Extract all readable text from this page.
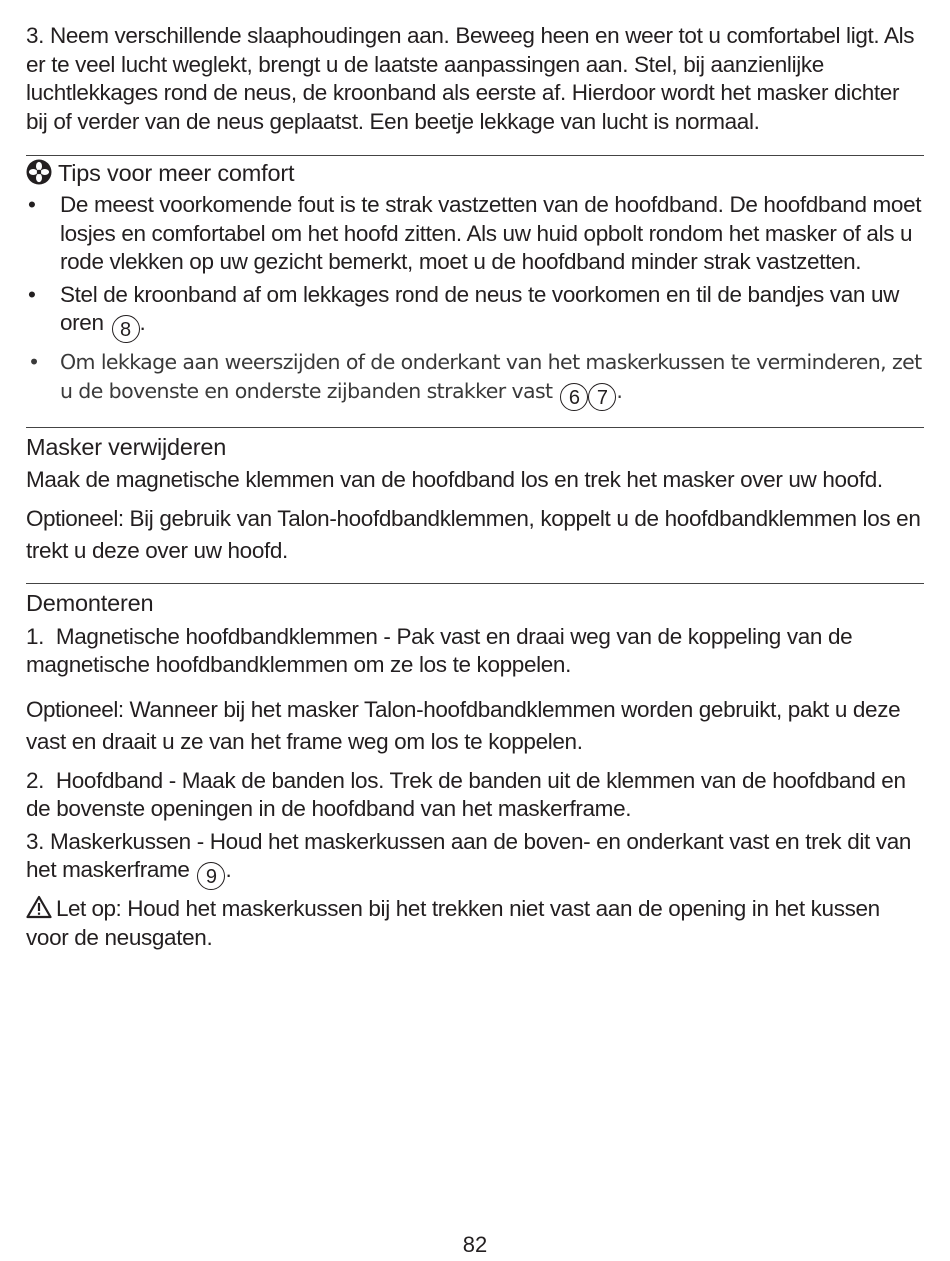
3. Neem verschillende slaaphoudingen aan. Beweeg heen en weer tot u comfortabel ligt. Als er te veel lucht weglekt, brengt u de laatste aanpassingen aan. Stel, bij aanzienlijke luchtlekkages rond de neus, de kroonband als eerste af. Hierdoor wordt het masker dichter bij of verder van de neus geplaatst. Een beetje lekkage van lucht is normaal.

Tips voor meer comfort

• De meest voorkomende fout is te strak vastzetten van de hoofdband. De hoofdband moet losjes en comfortabel om het hoofd zitten. Als uw huid opbolt rondom het masker of als u rode vlekken op uw gezicht bemerkt, moet u de hoofdband minder strak vastzetten.
• Stel de kroonband af om lekkages rond de neus te voorkomen en til de bandjes van uw oren 8 .
• Om lekkage aan weerszijden of de onderkant van het maskerkussen te verminderen, zet u de bovenste en onderste zijbanden strakker vast 6 7 .

Masker verwijderen

Maak de magnetische klemmen van de hoofdband los en trek het masker over uw hoofd.

Optioneel: Bij gebruik van Talon-hoofdbandklemmen, koppelt u de hoofdbandklemmen los en trekt u deze over uw hoofd.

Demonteren

1.  Magnetische hoofdbandklemmen - Pak vast en draai weg van de koppeling van de magnetische hoofdbandklemmen om ze los te koppelen.

Optioneel: Wanneer bij het masker Talon-hoofdbandklemmen worden gebruikt, pakt u deze vast en draait u ze van het frame weg om los te koppelen.

2.  Hoofdband - Maak de banden los. Trek de banden uit de klemmen van de hoofdband en de bovenste openingen in de hoofdband van het maskerframe.

3. Maskerkussen - Houd het maskerkussen aan de boven- en onderkant vast en trek dit van het maskerframe 9 .

Let op: Houd het maskerkussen bij het trekken niet vast aan de opening in het kussen voor de neusgaten.

82
